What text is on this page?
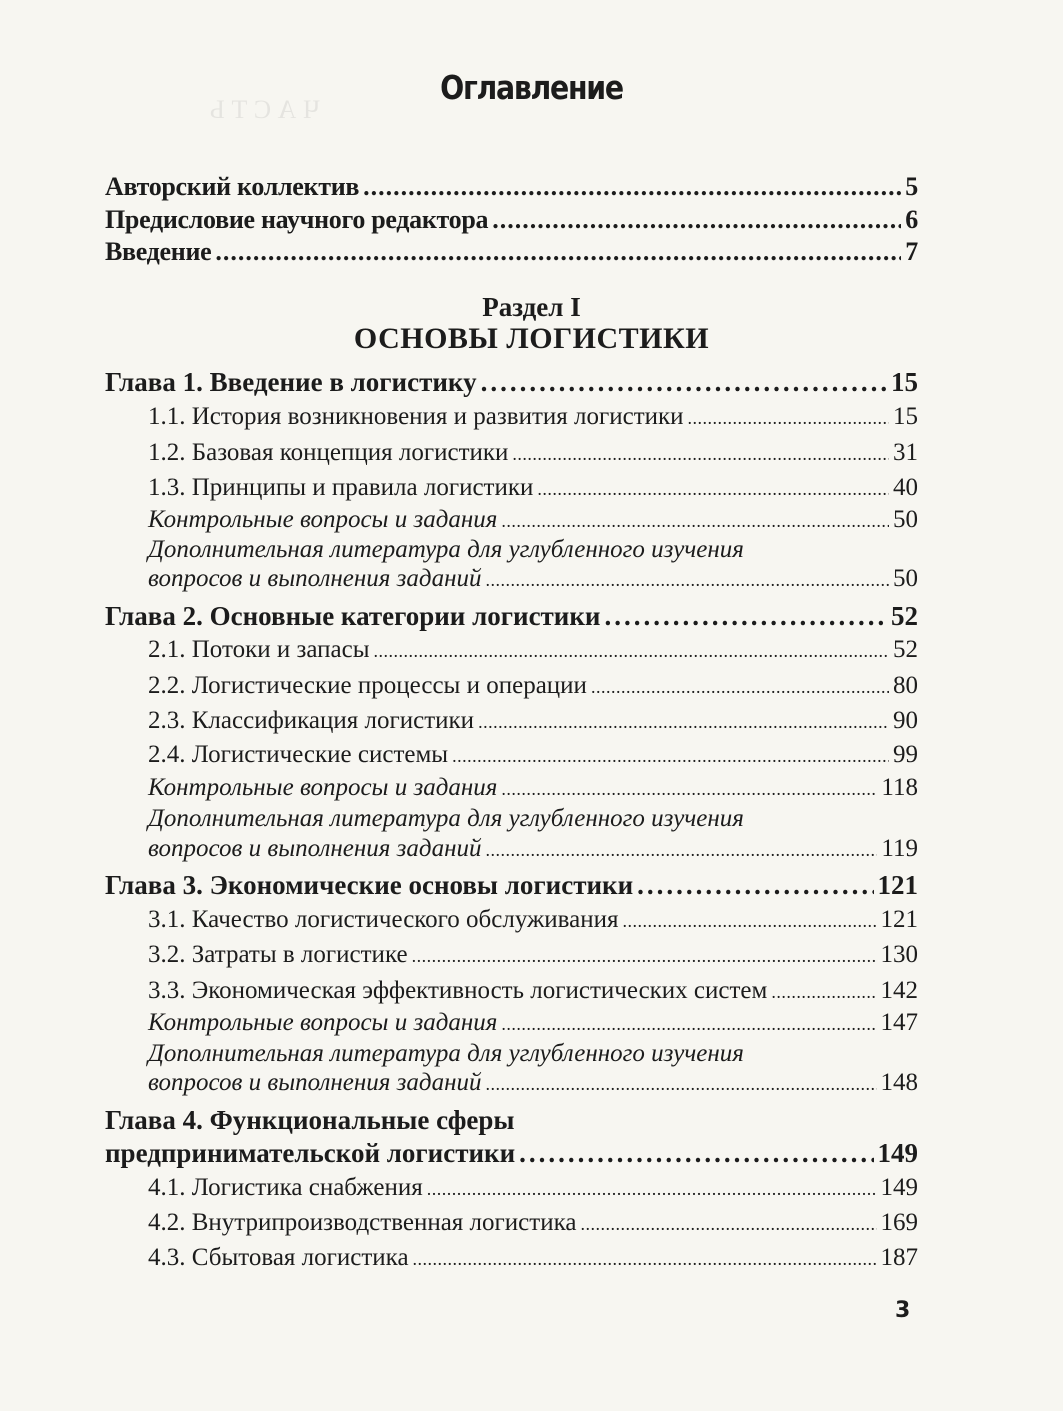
Ч А С Т Ь
Оглавление
Авторский коллектив .....	5
Предисловие научного редактора .....	6
Введение .....	7
Раздел I
ОСНОВЫ ЛОГИСТИКИ
Глава 1. Введение в логистику .....	15
1.1. История возникновения и развития логистики .....	15
1.2. Базовая концепция логистики .....	31
1.3. Принципы и правила логистики .....	40
Контрольные вопросы и задания .....	50
Дополнительная литература для углубленного изучения
вопросов и выполнения заданий .....	50
Глава 2. Основные категории логистики .....	52
2.1. Потоки и запасы .....	52
2.2. Логистические процессы и операции .....	80
2.3. Классификация логистики .....	90
2.4. Логистические системы .....	99
Контрольные вопросы и задания .....	118
Дополнительная литература для углубленного изучения
вопросов и выполнения заданий .....	119
Глава 3. Экономические основы логистики .....	121
3.1. Качество логистического обслуживания .....	121
3.2. Затраты в логистике .....	130
3.3. Экономическая эффективность логистических систем .....	142
Контрольные вопросы и задания .....	147
Дополнительная литература для углубленного изучения
вопросов и выполнения заданий .....	148
Глава 4. Функциональные сферы
предпринимательской логистики .....	149
4.1. Логистика снабжения .....	149
4.2. Внутрипроизводственная логистика .....	169
4.3. Сбытовая логистика .....	187
3
